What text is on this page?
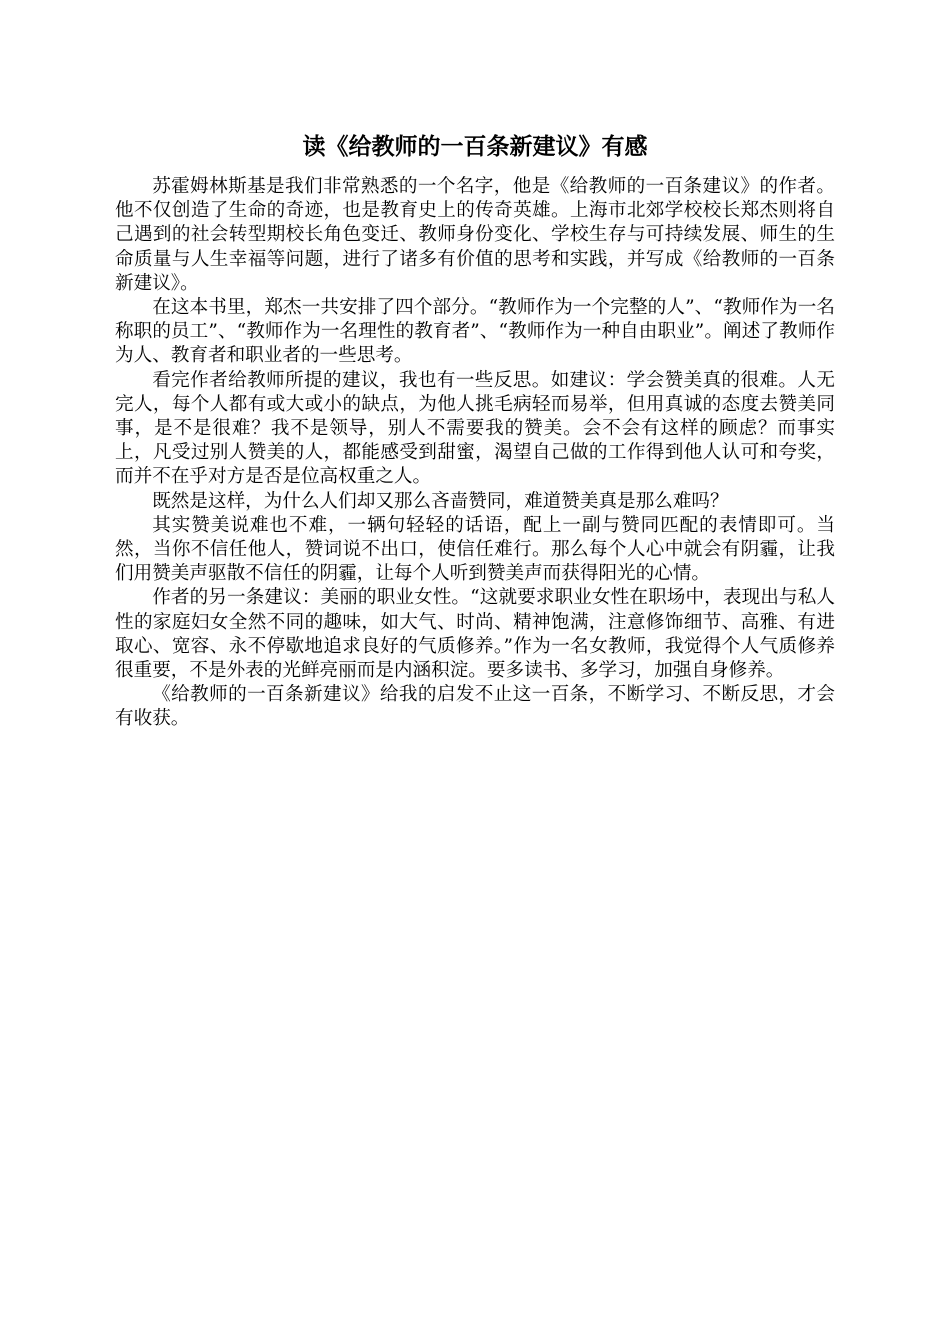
读《给教师的一百条新建议》有感

苏霍姆林斯基是我们非常熟悉的一个名字，他是《给教师的一百条建议》的作者。他不仅创造了生命的奇迹，也是教育史上的传奇英雄。上海市北郊学校校长郑杰则将自己遇到的社会转型期校长角色变迁、教师身份变化、学校生存与可持续发展、师生的生命质量与人生幸福等问题，进行了诸多有价值的思考和实践，并写成《给教师的一百条新建议》。

在这本书里，郑杰一共安排了四个部分。“教师作为一个完整的人”、“教师作为一名称职的员工”、“教师作为一名理性的教育者”、“教师作为一种自由职业”。阐述了教师作为人、教育者和职业者的一些思考。

看完作者给教师所提的建议，我也有一些反思。如建议：学会赞美真的很难。人无完人，每个人都有或大或小的缺点，为他人挑毛病轻而易举，但用真诚的态度去赞美同事，是不是很难？我不是领导，别人不需要我的赞美。会不会有这样的顾虑？而事实上，凡受过别人赞美的人，都能感受到甜蜜，渴望自己做的工作得到他人认可和夸奖，而并不在乎对方是否是位高权重之人。

既然是这样，为什么人们却又那么吝啬赞同，难道赞美真是那么难吗？

其实赞美说难也不难，一辆句轻轻的话语，配上一副与赞同匹配的表情即可。当然，当你不信任他人，赞词说不出口，使信任难行。那么每个人心中就会有阴霾，让我们用赞美声驱散不信任的阴霾，让每个人听到赞美声而获得阳光的心情。

作者的另一条建议：美丽的职业女性。“这就要求职业女性在职场中，表现出与私人性的家庭妇女全然不同的趣味，如大气、时尚、精神饱满，注意修饰细节、高雅、有进取心、宽容、永不停歇地追求良好的气质修养。”作为一名女教师，我觉得个人气质修养很重要，不是外表的光鲜亮丽而是内涵积淀。要多读书、多学习，加强自身修养。

《给教师的一百条新建议》给我的启发不止这一百条，不断学习、不断反思，才会有收获。
